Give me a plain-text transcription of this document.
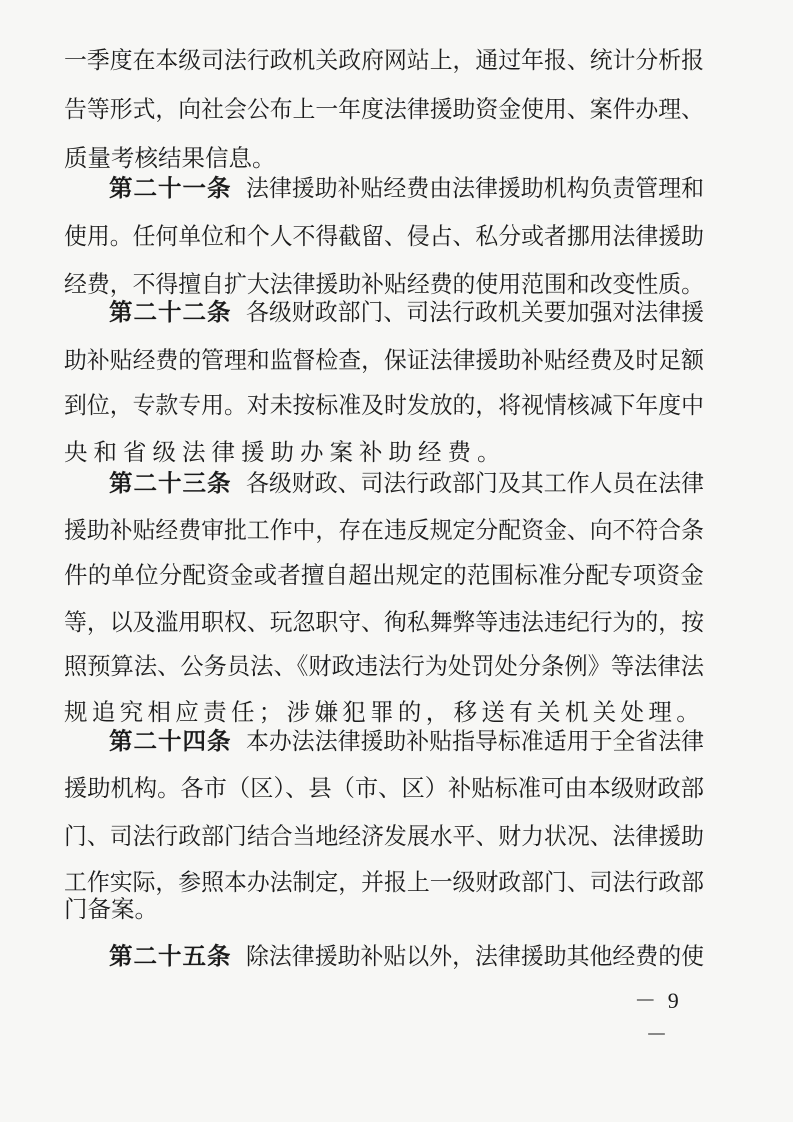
一季度在本级司法行政机关政府网站上，通过年报、统计分析报
告等形式，向社会公布上一年度法律援助资金使用、案件办理、
质量考核结果信息。
第二十一条 法律援助补贴经费由法律援助机构负责管理和
使用。任何单位和个人不得截留、侵占、私分或者挪用法律援助
经费，不得擅自扩大法律援助补贴经费的使用范围和改变性质。
第二十二条 各级财政部门、司法行政机关要加强对法律援
助补贴经费的管理和监督检查，保证法律援助补贴经费及时足额
到位，专款专用。对未按标准及时发放的，将视情核减下年度中
央和省级法律援助办案补助经费。
第二十三条 各级财政、司法行政部门及其工作人员在法律
援助补贴经费审批工作中，存在违反规定分配资金、向不符合条
件的单位分配资金或者擅自超出规定的范围标准分配专项资金
等，以及滥用职权、玩忽职守、徇私舞弊等违法违纪行为的，按
照预算法、公务员法、《财政违法行为处罚处分条例》等法律法
规追究相应责任；涉嫌犯罪的，移送有关机关处理。
第二十四条 本办法法律援助补贴指导标准适用于全省法律
援助机构。各市（区）、县（市、区）补贴标准可由本级财政部
门、司法行政部门结合当地经济发展水平、财力状况、法律援助
工作实际，参照本办法制定，并报上一级财政部门、司法行政部
门备案。
第二十五条 除法律援助补贴以外，法律援助其他经费的使
－ 9 －
